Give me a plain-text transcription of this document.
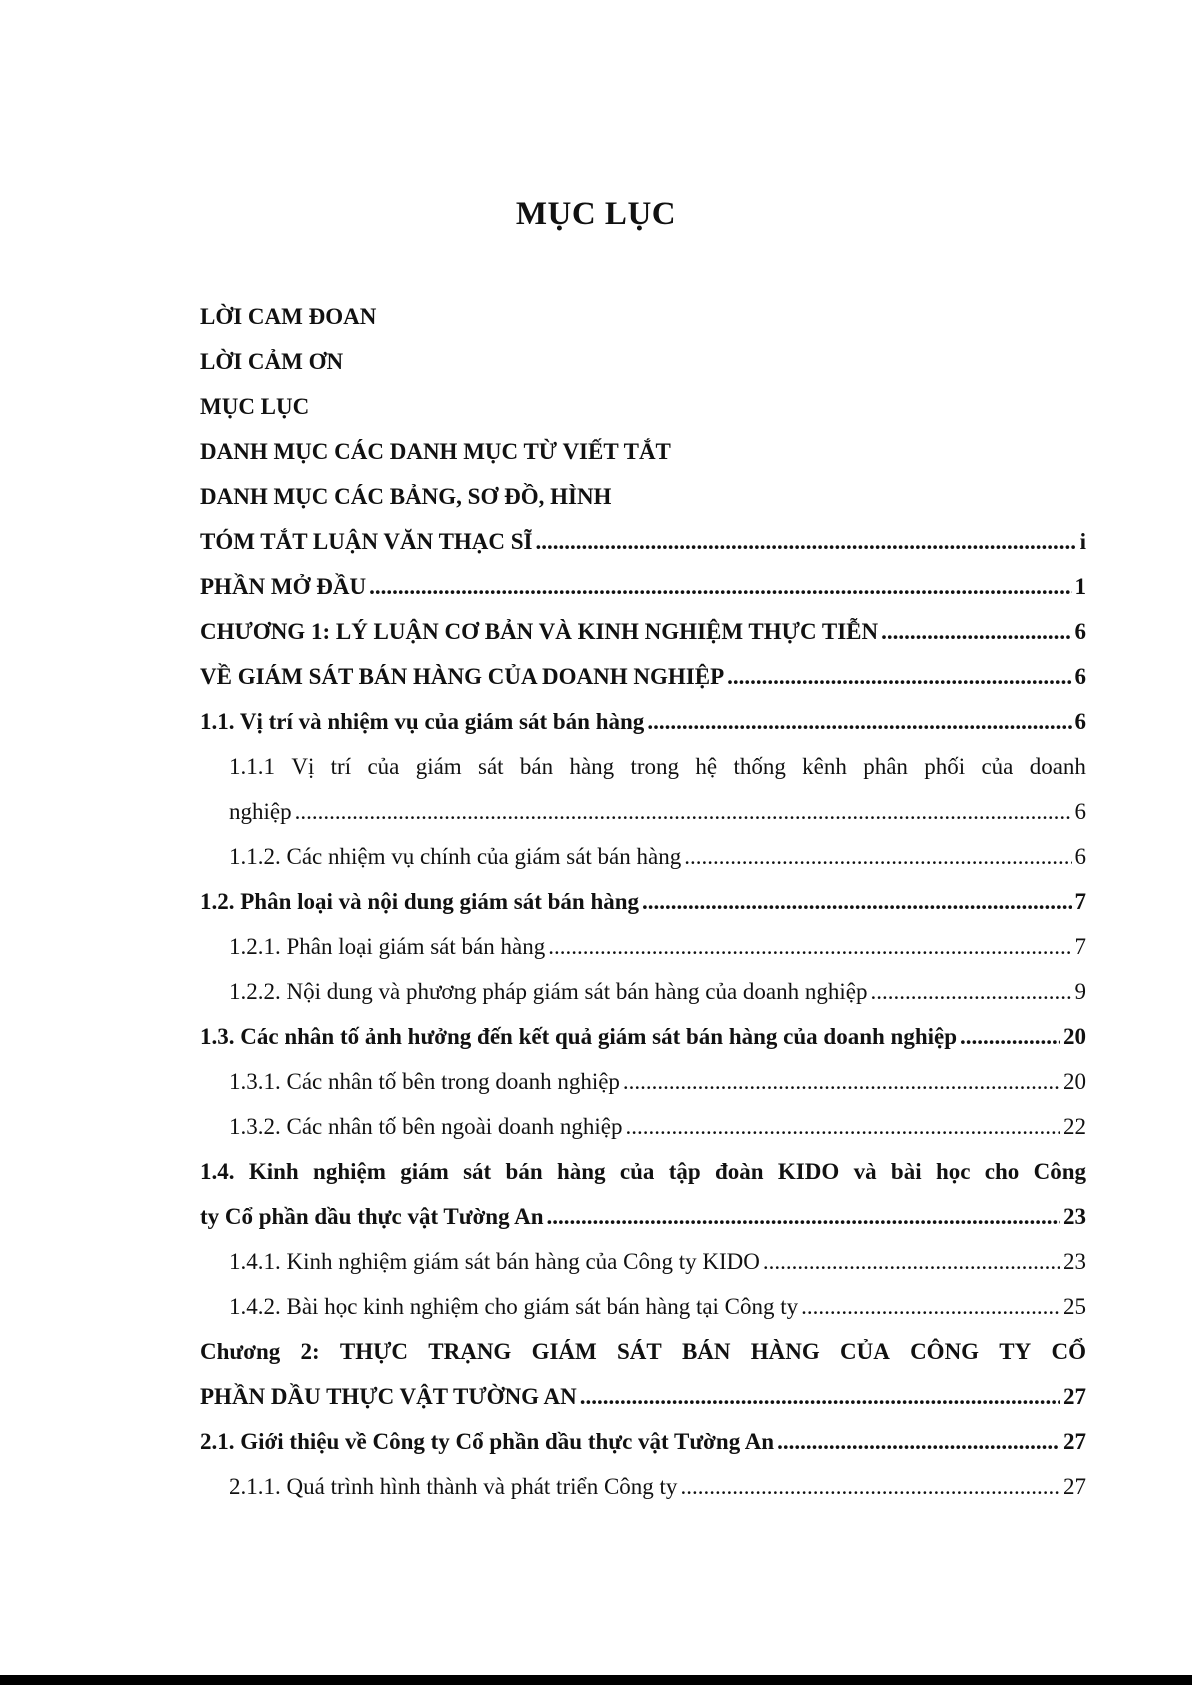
MỤC LỤC
LỜI CAM ĐOAN
LỜI CẢM ƠN
MỤC LỤC
DANH MỤC CÁC DANH MỤC TỪ VIẾT TẮT
DANH MỤC CÁC BẢNG, SƠ ĐỒ, HÌNH
TÓM TẮT LUẬN VĂN THẠC SĨ .....	i
PHẦN MỞ ĐẦU .....	1
CHƯƠNG 1: LÝ LUẬN CƠ BẢN VÀ KINH NGHIỆM THỰC TIỄN .....	6
VỀ GIÁM SÁT BÁN HÀNG CỦA DOANH NGHIỆP .....	6
1.1. Vị trí và nhiệm vụ của giám sát bán hàng .....	6
1.1.1 Vị trí của giám sát bán hàng trong hệ thống kênh phân phối của doanh
nghiệp .....	6
1.1.2. Các nhiệm vụ chính của giám sát bán hàng .....	6
1.2. Phân loại và nội dung giám sát bán hàng .....	7
1.2.1. Phân loại giám sát bán hàng .....	7
1.2.2. Nội dung và phương pháp giám sát bán hàng của doanh nghiệp .....	9
1.3. Các nhân tố ảnh hưởng đến kết quả giám sát bán hàng của doanh nghiệp .....	20
1.3.1. Các nhân tố bên trong doanh nghiệp .....	20
1.3.2. Các nhân tố bên ngoài doanh nghiệp .....	22
1.4. Kinh nghiệm giám sát bán hàng của tập đoàn KIDO và bài học cho Công
ty Cổ phần dầu thực vật Tường An .....	23
1.4.1. Kinh nghiệm giám sát bán hàng của Công ty KIDO .....	23
1.4.2. Bài học kinh nghiệm cho giám sát bán hàng tại Công ty .....	25
Chương 2: THỰC TRẠNG GIÁM SÁT BÁN HÀNG CỦA CÔNG TY CỔ
PHẦN DẦU THỰC VẬT TƯỜNG AN .....	27
2.1. Giới thiệu về Công ty Cổ phần dầu thực vật Tường An .....	27
2.1.1. Quá trình hình thành và phát triển Công ty .....	27
